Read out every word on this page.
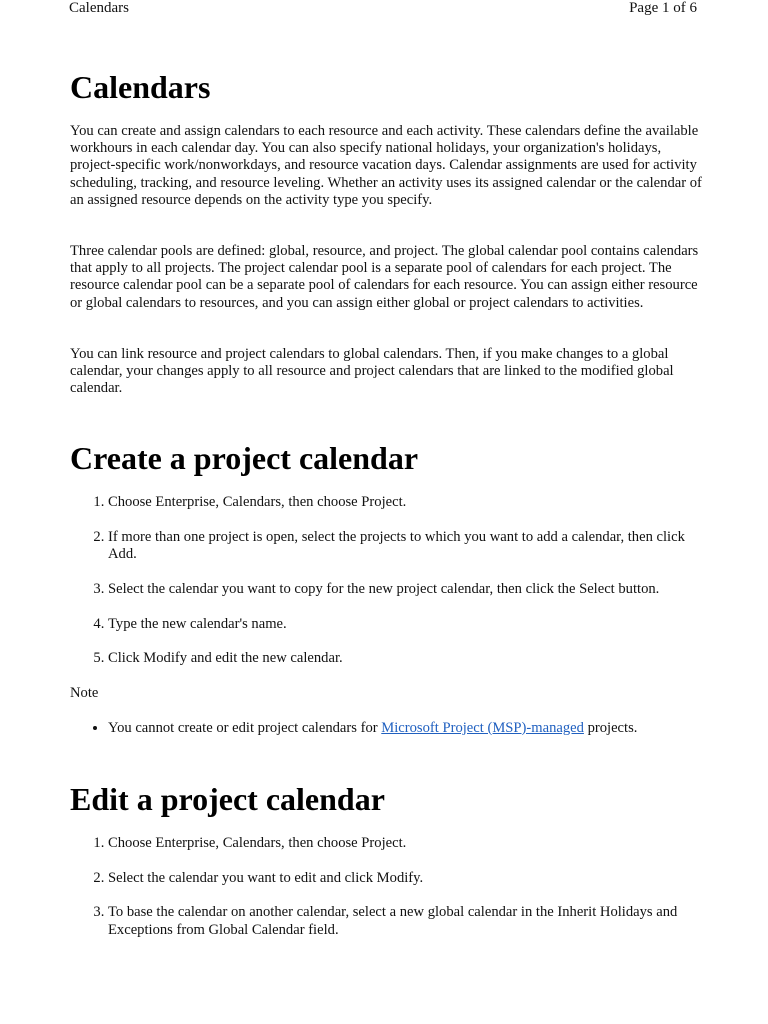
Calendars	Page 1 of 6
Calendars

You can create and assign calendars to each resource and each activity. These calendars define the available workhours in each calendar day. You can also specify national holidays, your organization's holidays, project-specific work/nonworkdays, and resource vacation days. Calendar assignments are used for activity scheduling, tracking, and resource leveling. Whether an activity uses its assigned calendar or the calendar of an assigned resource depends on the activity type you specify.

Three calendar pools are defined: global, resource, and project. The global calendar pool contains calendars that apply to all projects. The project calendar pool is a separate pool of calendars for each project. The resource calendar pool can be a separate pool of calendars for each resource. You can assign either resource or global calendars to resources, and you can assign either global or project calendars to activities.

You can link resource and project calendars to global calendars. Then, if you make changes to a global calendar, your changes apply to all resource and project calendars that are linked to the modified global calendar.

Create a project calendar
1. Choose Enterprise, Calendars, then choose Project.
2. If more than one project is open, select the projects to which you want to add a calendar, then click Add.
3. Select the calendar you want to copy for the new project calendar, then click the Select button.
4. Type the new calendar's name.
5. Click Modify and edit the new calendar.

Note

• You cannot create or edit project calendars for Microsoft Project (MSP)-managed projects.
Edit a project calendar
1. Choose Enterprise, Calendars, then choose Project.
2. Select the calendar you want to edit and click Modify.
3. To base the calendar on another calendar, select a new global calendar in the Inherit Holidays and Exceptions from Global Calendar field.
